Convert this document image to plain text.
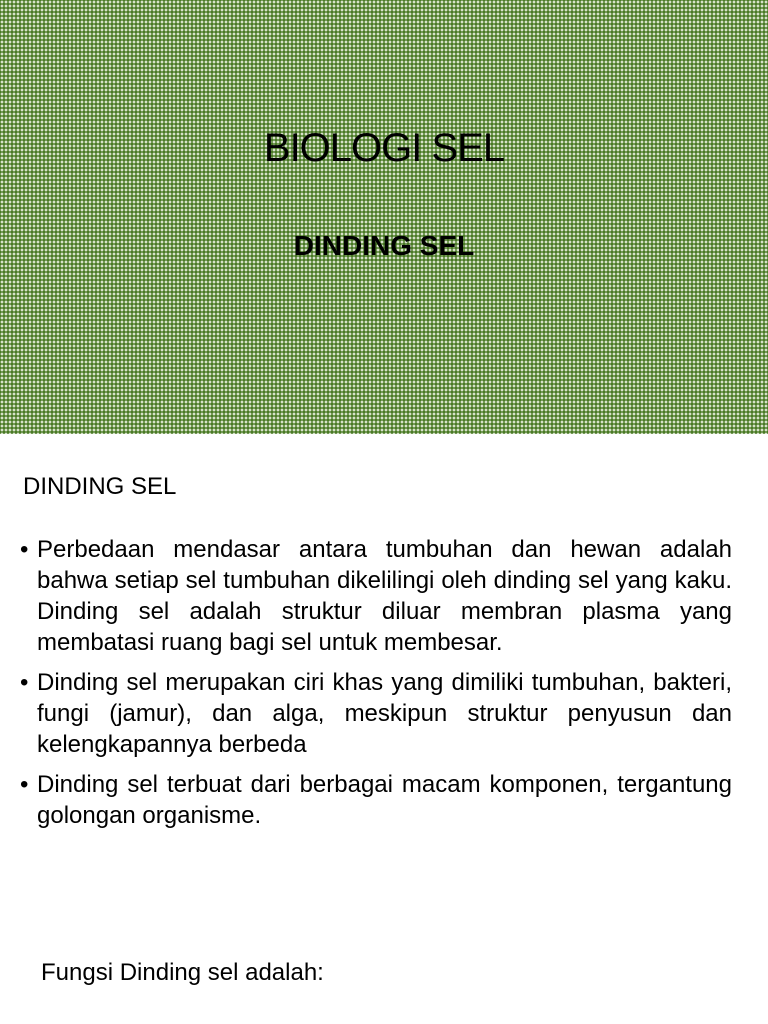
BIOLOGI SEL
DINDING SEL
DINDING SEL
• Perbedaan mendasar antara tumbuhan dan hewan adalah bahwa setiap sel tumbuhan dikelilingi oleh dinding sel yang kaku. Dinding sel adalah struktur diluar membran plasma yang membatasi ruang bagi sel untuk membesar.
• Dinding sel merupakan ciri khas yang dimiliki tumbuhan, bakteri, fungi (jamur), dan alga, meskipun struktur penyusun dan kelengkapannya berbeda
• Dinding sel terbuat dari berbagai macam komponen, tergantung golongan organisme.
Fungsi Dinding sel adalah:
